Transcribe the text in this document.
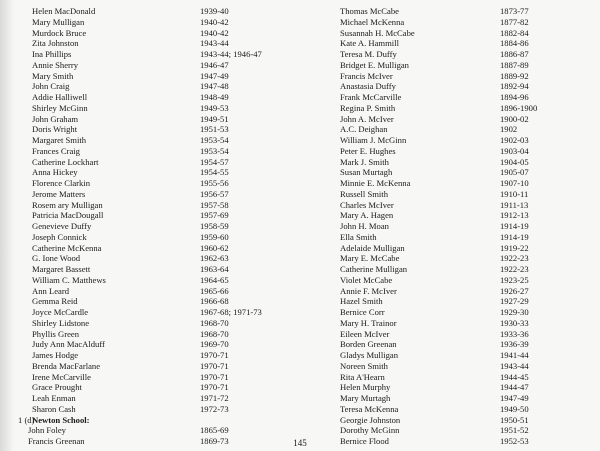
Helen MacDonald	1939-40
Mary Mulligan	1940-42
Murdock Bruce	1940-42
Zita Johnston	1943-44
Ina Phillips	1943-44; 1946-47
Annie Sherry	1946-47
Mary Smith	1947-49
John Craig	1947-48
Addie Halliwell	1948-49
Shirley McGinn	1949-53
John Graham	1949-51
Doris Wright	1951-53
Margaret Smith	1953-54
Frances Craig	1953-54
Catherine Lockhart	1954-57
Anna Hickey	1954-55
Florence Clarkin	1955-56
Jerome Matters	1956-57
Rosem ary Mulligan	1957-58
Patricia MacDougall	1957-69
Genevieve Duffy	1958-59
Joseph Connick	1959-60
Catherine McKenna	1960-62
G. Ione Wood	1962-63
Margaret Bassett	1963-64
William C. Matthews	1964-65
Ann Leard	1965-66
Gemma Reid	1966-68
Joyce McCardle	1967-68; 1971-73
Shirley Lidstone	1968-70
Phyllis Green	1968-70
Judy Ann MacAlduff	1969-70
James Hodge	1970-71
Brenda MacFarlane	1970-71
Irene McCarville	1970-71
Grace Prought	1970-71
Leah Enman	1971-72
Sharon Cash	1972-73
1 (d)
Newton School:
John Foley	1865-69
Francis Greenan	1869-73
Thomas McCabe	1873-77
Michael McKenna	1877-82
Susannah H. McCabe	1882-84
Kate A. Hammill	1884-86
Teresa M. Duffy	1886-87
Bridget E. Mulligan	1887-89
Francis McIver	1889-92
Anastasia Duffy	1892-94
Frank McCarville	1894-96
Regina P. Smith	1896-1900
John A. McIver	1900-02
A.C. Deighan	1902
William J. McGinn	1902-03
Peter E. Hughes	1903-04
Mark J. Smith	1904-05
Susan Murtagh	1905-07
Minnie E. McKenna	1907-10
Russell Smith	1910-11
Charles McIver	1911-13
Mary A. Hagen	1912-13
John H. Moan	1914-19
Ella Smith	1914-19
Adelaide Mulligan	1919-22
Mary E. McCabe	1922-23
Catherine Mulligan	1922-23
Violet McCabe	1923-25
Annie F. McIver	1926-27
Hazel Smith	1927-29
Bernice Corr	1929-30
Mary H. Trainor	1930-33
Eileen McIver	1933-36
Borden Greenan	1936-39
Gladys Mulligan	1941-44
Noreen Smith	1943-44
Rita A'Hearn	1944-45
Helen Murphy	1944-47
Mary Murtagh	1947-49
Teresa McKenna	1949-50
Georgie Johnston	1950-51
Dorothy McGinn	1951-52
Bernice Flood	1952-53
145
